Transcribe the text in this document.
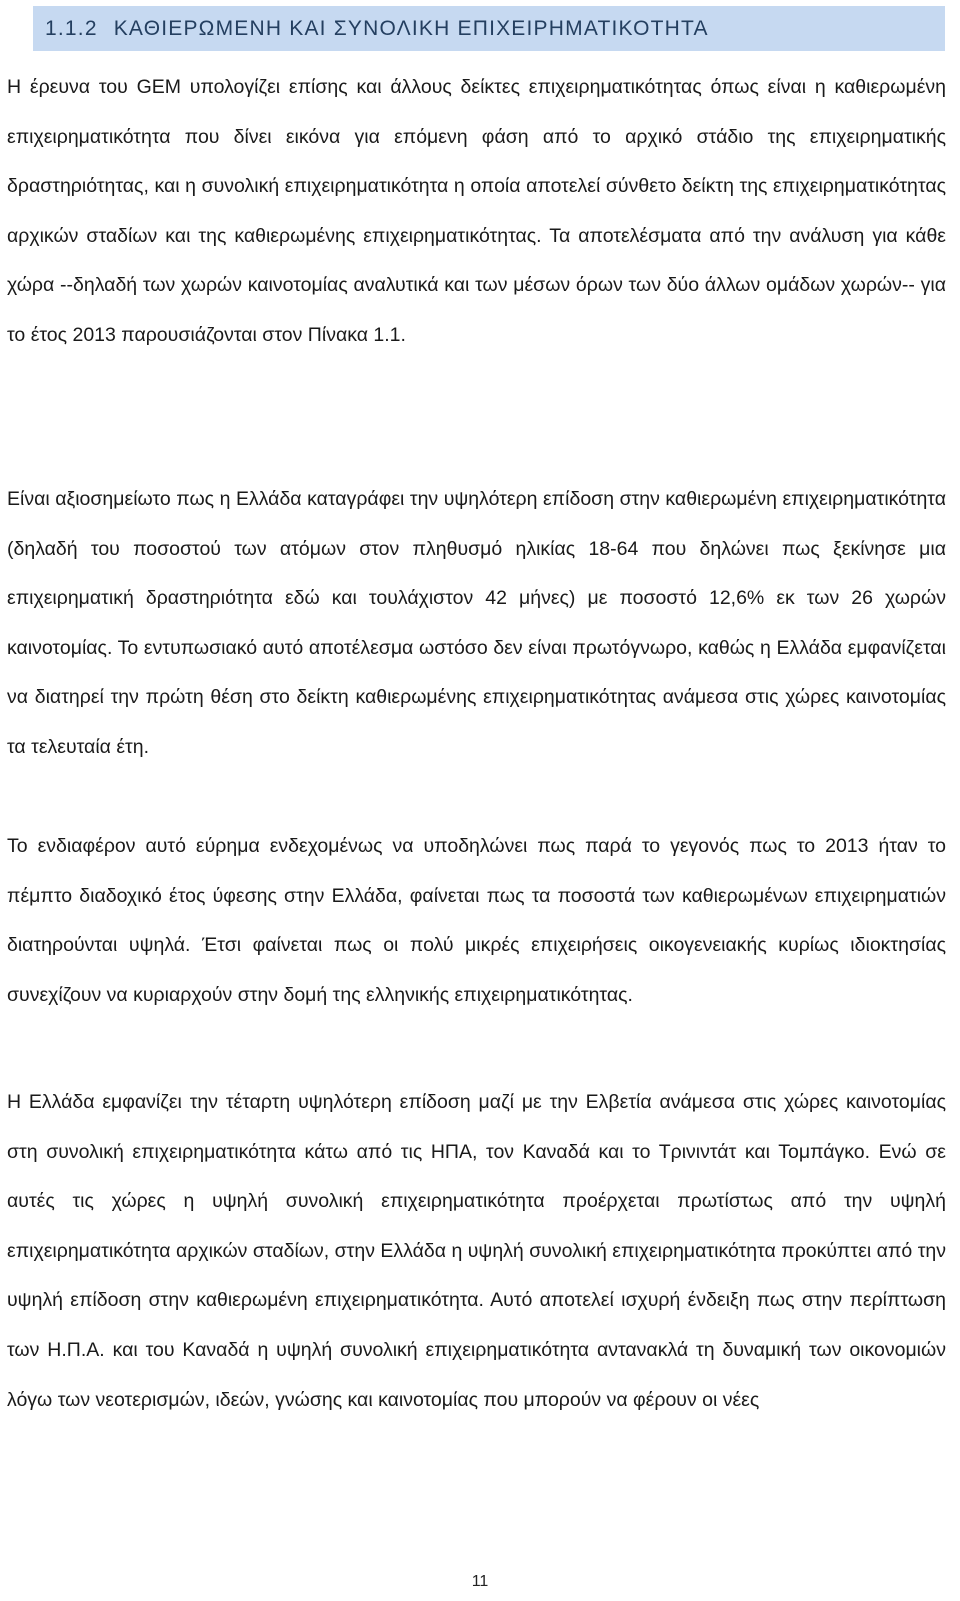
1.1.2 ΚΑΘΙΕΡΩΜΕΝΗ ΚΑΙ ΣΥΝΟΛΙΚΗ ΕΠΙΧΕΙΡΗΜΑΤΙΚΟΤΗΤΑ

Η έρευνα του GEM υπολογίζει επίσης και άλλους δείκτες επιχειρηματικότητας όπως είναι η καθιερωμένη επιχειρηματικότητα που δίνει εικόνα για επόμενη φάση από το αρχικό στάδιο της επιχειρηματικής δραστηριότητας, και η συνολική επιχειρηματικότητα η οποία αποτελεί σύνθετο δείκτη της επιχειρηματικότητας αρχικών σταδίων και της καθιερωμένης επιχειρηματικότητας. Τα αποτελέσματα από την ανάλυση για κάθε χώρα --δηλαδή των χωρών καινοτομίας αναλυτικά και των μέσων όρων των δύο άλλων ομάδων χωρών-- για το έτος 2013 παρουσιάζονται στον Πίνακα 1.1.

Είναι αξιοσημείωτο πως η Ελλάδα καταγράφει την υψηλότερη επίδοση στην καθιερωμένη επιχειρηματικότητα (δηλαδή του ποσοστού των ατόμων στον πληθυσμό ηλικίας 18-64 που δηλώνει πως ξεκίνησε μια επιχειρηματική δραστηριότητα εδώ και τουλάχιστον 42 μήνες) με ποσοστό 12,6% εκ των 26 χωρών καινοτομίας. Το εντυπωσιακό αυτό αποτέλεσμα ωστόσο δεν είναι πρωτόγνωρο, καθώς η Ελλάδα εμφανίζεται να διατηρεί την πρώτη θέση στο δείκτη καθιερωμένης επιχειρηματικότητας ανάμεσα στις χώρες καινοτομίας τα τελευταία έτη.

Το ενδιαφέρον αυτό εύρημα ενδεχομένως να υποδηλώνει πως παρά το γεγονός πως το 2013 ήταν το πέμπτο διαδοχικό έτος ύφεσης στην Ελλάδα, φαίνεται πως τα ποσοστά των καθιερωμένων επιχειρηματιών διατηρούνται υψηλά. Έτσι φαίνεται πως οι πολύ μικρές επιχειρήσεις οικογενειακής κυρίως ιδιοκτησίας συνεχίζουν να κυριαρχούν στην δομή της ελληνικής επιχειρηματικότητας.

Η Ελλάδα εμφανίζει την τέταρτη υψηλότερη επίδοση μαζί με την Ελβετία ανάμεσα στις χώρες καινοτομίας στη συνολική επιχειρηματικότητα κάτω από τις ΗΠΑ, τον Καναδά και το Τρινιντάτ και Τομπάγκο. Ενώ σε αυτές τις χώρες η υψηλή συνολική επιχειρηματικότητα προέρχεται πρωτίστως από την υψηλή επιχειρηματικότητα αρχικών σταδίων, στην Ελλάδα η υψηλή συνολική επιχειρηματικότητα προκύπτει από την υψηλή επίδοση στην καθιερωμένη επιχειρηματικότητα. Αυτό αποτελεί ισχυρή ένδειξη πως στην περίπτωση των Η.Π.Α. και του Καναδά η υψηλή συνολική επιχειρηματικότητα αντανακλά τη δυναμική των οικονομιών λόγω των νεοτερισμών, ιδεών, γνώσης και καινοτομίας που μπορούν να φέρουν οι νέες

11
